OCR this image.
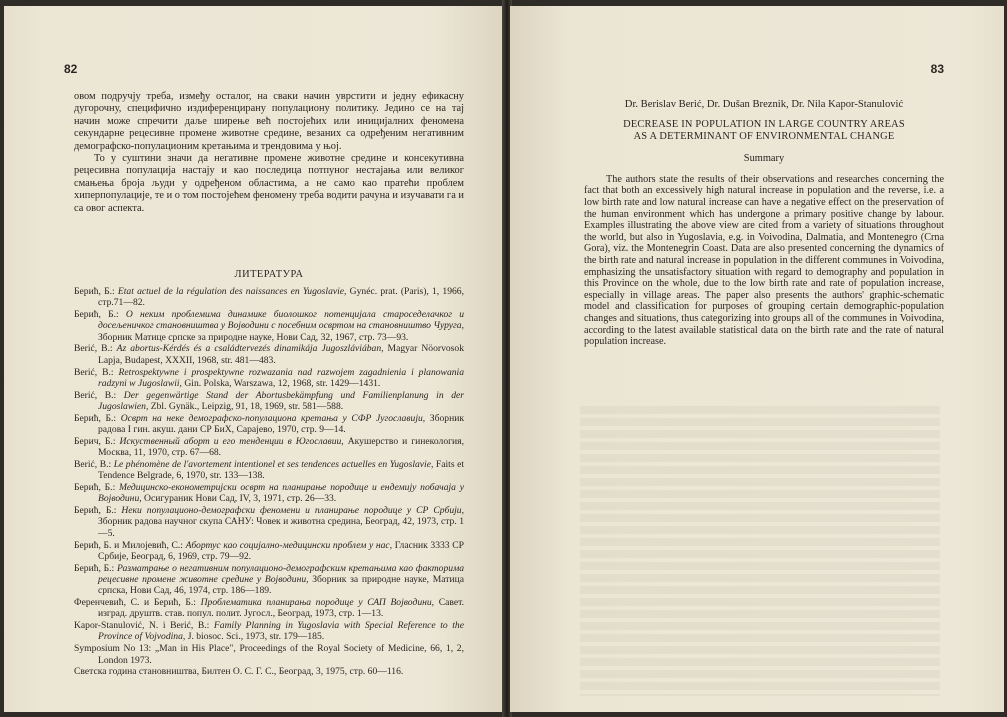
82

овом подручју треба, између осталог, на сваки начин уврстити и једну ефикасну дугорочну, специфично издиференцирану популациону политику. Једино се на тај начин може спречити даље ширење већ постојећих или иницијалних феномена секундарне рецесивне промене животне средине, везаних са одређеним негативним демографско-популационим кретањима и трендовима у њој.

То у суштини значи да негативне промене животне средине и консекутивна рецесивна популација настају и као последица потпуног нестајања или великог смањења броја људи у одређеном областима, а не само као пратећи проблем хиперпопулације, те и о том постојећем феномену треба водити рачуна и изучавати га и са овог аспекта.

ЛИТЕРАТУРА

Берић, Б.: Etat actuel de la régulation des naissances en Yugoslavie, Gynéc. prat. (Paris), 1, 1966, стр.71—82.

Берић, Б.: О неким проблемима динамике биолошког потенцијала староседелачког и досељеничког становништва у Војводини с посебним освртом на становништво Чуруга, Зборник Матице српске за природне науке, Нови Сад, 32, 1967, стр. 73—93.

Berić, B.: Az abortus-Kérdés és a családtervezés dinamikája Jugoszláviában, Magyar Nöorvosok Lapja, Budapest, XXXII, 1968, str. 481—483.

Berić, B.: Retrospektywne i prospektywne rozwazania nad razwojem zagadnienia i planowania radzyni w Jugoslawii, Gin. Polska, Warszawa, 12, 1968, str. 1429—1431.

Berić, B.: Der gegenwärtige Stand der Abortusbekämpfung und Familienplanung in der Jugoslawien, Zbl. Gynäk., Leipzig, 91, 18, 1969, str. 581—588.

Берић, Б.: Осврт на неке демографско-популациона кретања у СФР Југославији, Зборник радова I гин. акуш. дани СР БиХ, Сарајево, 1970, стр. 9—14.

Берич, Б.: Искуственный аборт и его тенденции в Югославии, Акушерство и гинекология, Москва, 11, 1970, стр. 67—68.

Berić, B.: Le phénomène de l'avortement intentionel et ses tendences actuelles en Yugoslavie, Faits et Tendence Belgrade, 6, 1970, str. 133—138.

Берић, Б.: Медицинско-економетријски осврт на планирање породице и ендемију побачаја у Војводини, Осигураник Нови Сад, IV, 3, 1971, стр. 26—33.

Берић, Б.: Неки популационо-демографски феномени и планирање породице у СР Србији, Зборник радова научног скупа САНУ: Човек и животна средина, Београд, 42, 1973, стр. 1—5.

Берић, Б. и Милојевић, С.: Абортус као социјално-медицински проблем у нас, Гласник 3333 СР Србије, Београд, 6, 1969, стр. 79—92.

Берић, Б.: Разматрање о негативним популационо-демографским кретањима као факторима рецесивне промене животне средине у Војводини, Зборник за природне науке, Матица српска, Нови Сад, 46, 1974, стр. 186—189.

Ференчевић, С. и Берић, Б.: Проблематика планирања породице у САП Војводини, Савет. изград. друштв. став. попул. полит. Југосл., Београд, 1973, стр. 1—13.

Kapor-Stanulović, N. i Berić, B.: Family Planning in Yugoslavia with Special Reference to the Province of Vojvodina, J. biosoc. Sci., 1973, str. 179—185.

Symposium No 13: „Man in His Place", Proceedings of the Royal Society of Medicine, 66, 1, 2, London 1973.

Светска година становништва, Билтен О. С. Г. С., Београд, 3, 1975, стр. 60—116.

83
Dr. Berislav Berić, Dr. Dušan Breznik, Dr. Nila Kapor-Stanulović
DECREASE IN POPULATION IN LARGE COUNTRY AREAS
AS A DETERMINANT OF ENVIRONMENTAL CHANGE
Summary

The authors state the results of their observations and researches concerning the fact that both an excessively high natural increase in population and the reverse, i.e. a low birth rate and low natural increase can have a negative effect on the preservation of the human environment which has undergone a primary positive change by labour. Examples illustrating the above view are cited from a variety of situations throughout the world, but also in Yugoslavia, e.g. in Voivodina, Dalmatia, and Montenegro (Crna Gora), viz. the Montenegrin Coast. Data are also presented concerning the dynamics of the birth rate and natural increase in population in the different communes in Voivodina, emphasizing the unsatisfactory situation with regard to demography and population in this Province on the whole, due to the low birth rate and rate of population increase, especially in village areas. The paper also presents the authors' graphic-schematic model and classification for purposes of grouping certain demographic-population changes and situations, thus categorizing into groups all of the communes in Voivodina, according to the latest available statistical data on the birth rate and the rate of natural population increase.
